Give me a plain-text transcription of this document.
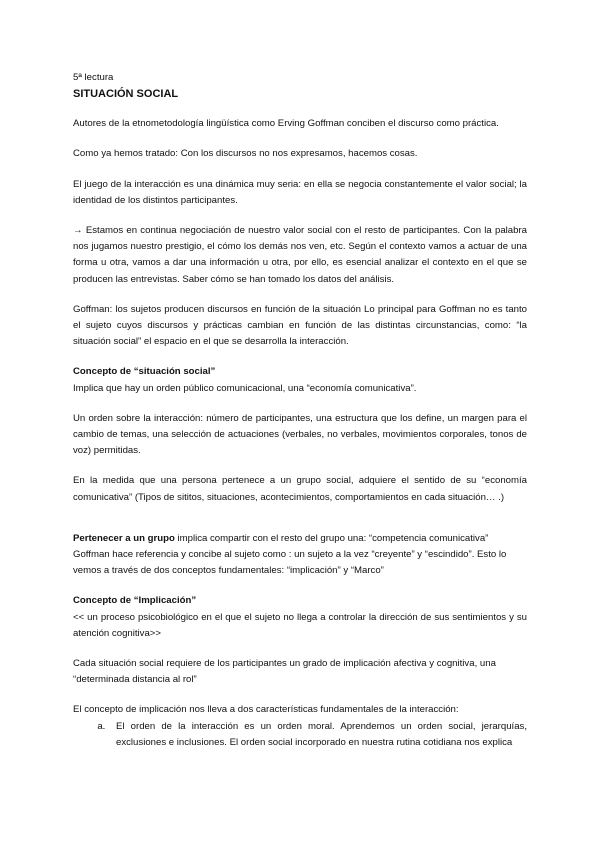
5ª lectura

SITUACIÓN SOCIAL

Autores de la etnometodología lingüística como Erving Goffman conciben el discurso como práctica.

Como ya hemos tratado: Con los discursos no nos expresamos, hacemos cosas.

El juego de la interacción es una dinámica muy seria: en ella se negocia constantemente el valor social; la identidad de los distintos participantes.

→ Estamos en continua negociación de nuestro valor social con el resto de participantes. Con la palabra nos jugamos nuestro prestigio, el cómo los demás nos ven, etc. Según el contexto vamos a actuar de una forma u otra, vamos a dar una información u otra, por ello, es esencial analizar el contexto en el que se producen las entrevistas. Saber cómo se han tomado los datos del análisis.

Goffman: los sujetos producen discursos en función de la situación Lo principal para Goffman no es tanto el sujeto cuyos discursos y prácticas cambian en función de las distintas circunstancias, como: “la situación social” el espacio en el que se desarrolla la interacción.

Concepto de “situación social”

Implica que hay un orden público comunicacional, una “economía comunicativa”.

Un orden sobre la interacción: número de participantes, una estructura que los define, un margen para el cambio de temas, una selección de actuaciones (verbales, no verbales, movimientos corporales, tonos de voz) permitidas.

En la medida que una persona pertenece a un grupo social, adquiere el sentido de su “economía comunicativa” (Tipos de sititos, situaciones, acontecimientos, comportamientos en cada situación… .)

Pertenecer a un grupo implica compartir con el resto del grupo una: “competencia comunicativa” Goffman hace referencia y concibe al sujeto como : un sujeto a la vez “creyente” y “escindido”. Esto lo vemos a través de dos conceptos fundamentales: “implicación” y “Marco”

Concepto de “Implicación”

<< un proceso psicobiológico en el que el sujeto no llega a controlar la dirección de sus sentimientos y su atención cognitiva>>

Cada situación social requiere de los participantes un grado de implicación afectiva y cognitiva, una “determinada distancia al rol”

El concepto de implicación nos lleva a dos características fundamentales de la interacción:

a. El orden de la interacción es un orden moral. Aprendemos un orden social, jerarquías, exclusiones e inclusiones. El orden social incorporado en nuestra rutina cotidiana nos explica
